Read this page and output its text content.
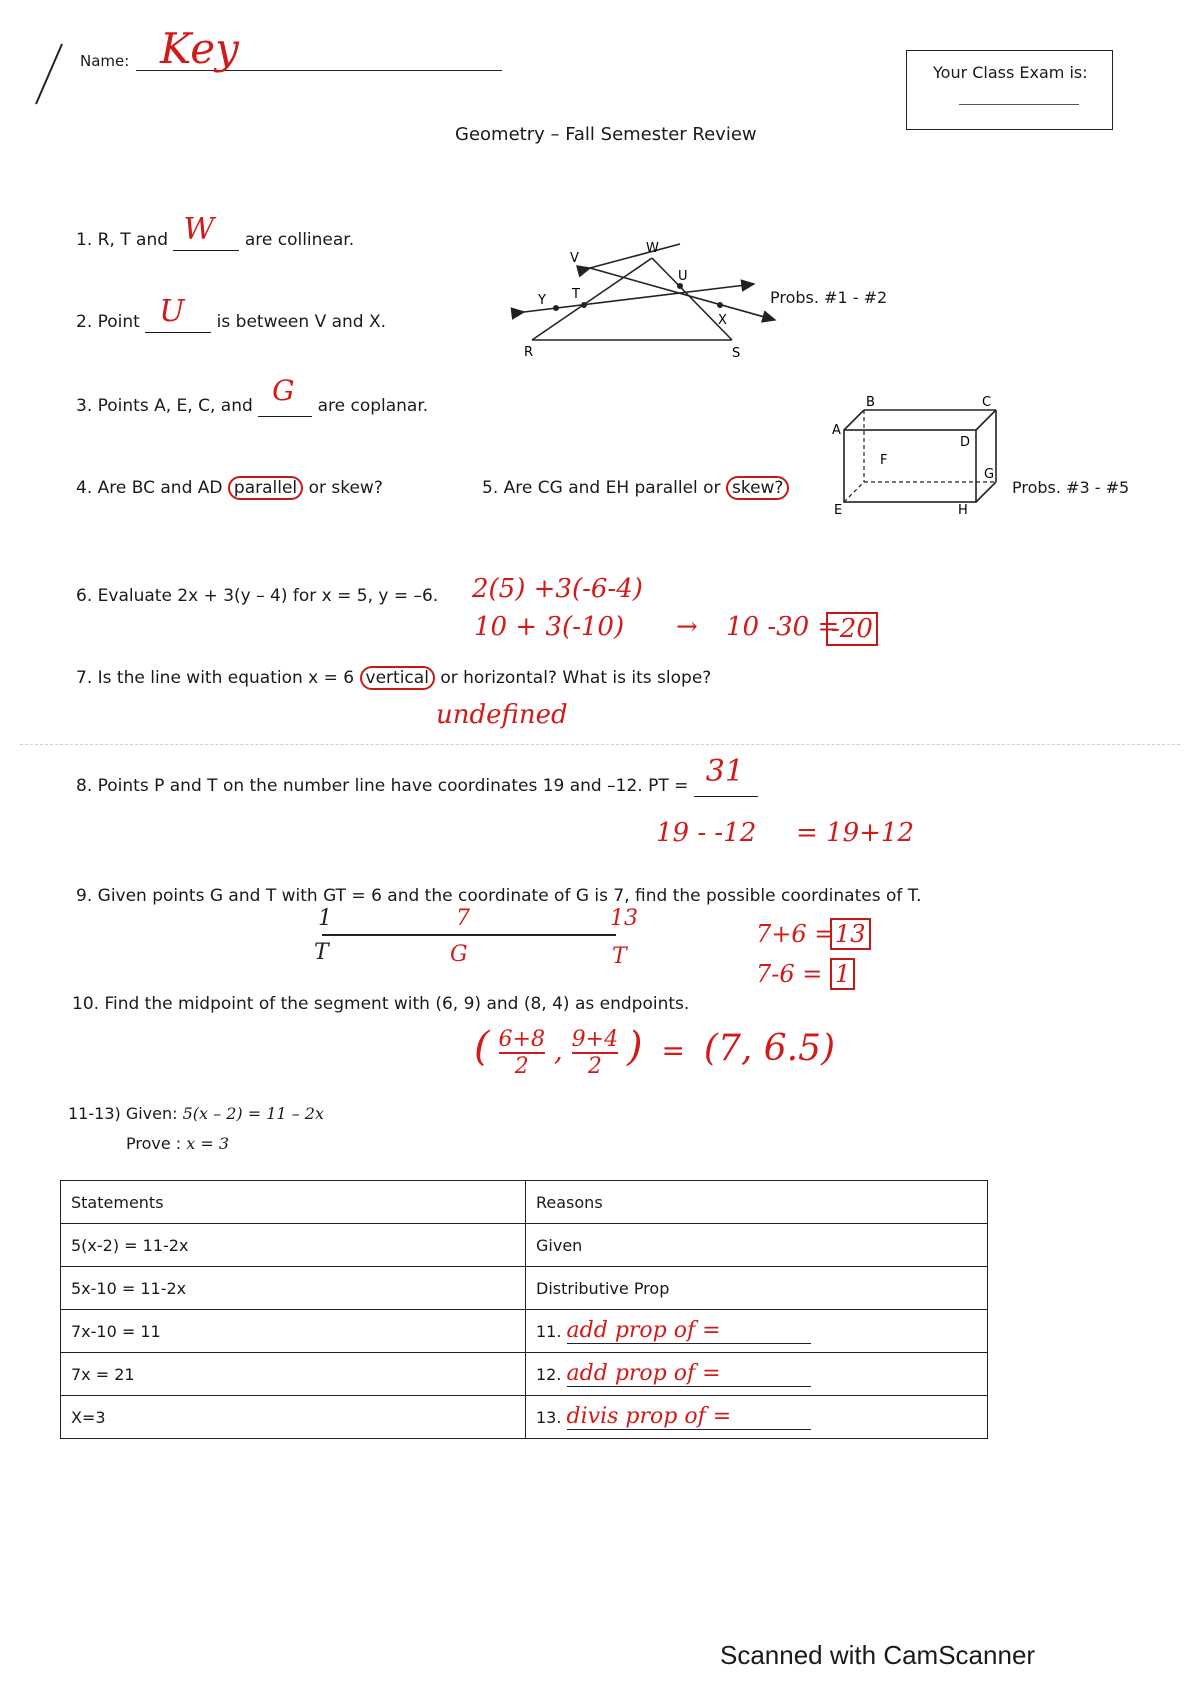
Name: Key	Your Class Exam is:
Geometry – Fall Semester Review
1. R, T and W are collinear.
2. Point U is between V and X.
V
W
U
Y T
X
R	S
Probs. #1 - #2
3. Points A, E, C, and G are coplanar.
A
B	C
D
F
G
E	H
Probs. #3 - #5
4. Are BC and AD parallel or skew?	5. Are CG and EH parallel or skew?
6. Evaluate 2x + 3(y – 4) for x = 5, y = –6. 2(5) +3(-6-4)
10 + 3(-10) → 10 -30 =
-20
7. Is the line with equation x = 6 vertical or horizontal? What is its slope?
undefined
8. Points P and T on the number line have coordinates 19 and –12. PT = 31

19 - -12 = 19+12
9. Given points G and T with GT = 6 and the coordinate of G is 7, find the possible coordinates of T.
1	7	13
T	G	T
7+6 = 13
7-6 = 1
10. Find the midpoint of the segment with (6, 9) and (8, 4) as endpoints.
( $\frac{6+8}{2}$ , $\frac{9+4}{2}$ ) = (7, 6.5)
11-13) Given: 5(x – 2) = 11 – 2x
Prove : x = 3
Statements	Reasons
5(x-2) = 11-2x	Given
5x-10 = 11-2x	Distributive Prop
7x-10 = 11	11. add prop of =
7x = 21	12. add prop of =
X=3	13. divis prop of =
Scanned with CamScanner
